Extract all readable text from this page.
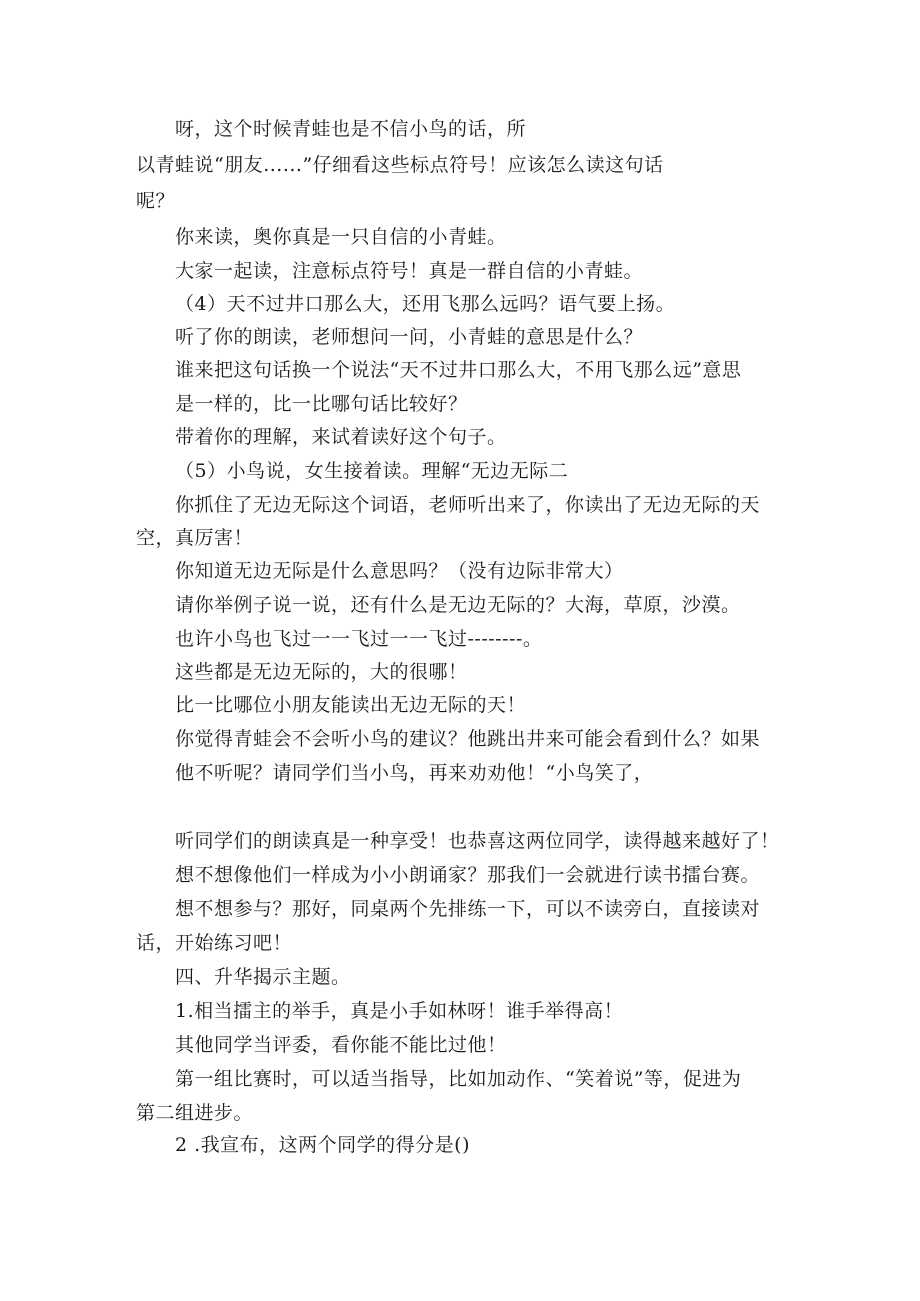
呀，这个时候青蛙也是不信小鸟的话，所
以青蛙说“朋友......”仔细看这些标点符号！应该怎么读这句话
呢？
你来读，奥你真是一只自信的小青蛙。
大家一起读，注意标点符号！真是一群自信的小青蛙。
（4）天不过井口那么大，还用飞那么远吗？语气要上扬。
听了你的朗读，老师想问一问，小青蛙的意思是什么？
谁来把这句话换一个说法“天不过井口那么大，不用飞那么远”意思
是一样的，比一比哪句话比较好？
带着你的理解，来试着读好这个句子。
（5）小鸟说，女生接着读。理解“无边无际二
你抓住了无边无际这个词语，老师听出来了，你读出了无边无际的天
空，真厉害！
你知道无边无际是什么意思吗？（没有边际非常大）
请你举例子说一说，还有什么是无边无际的？大海，草原，沙漠。
也许小鸟也飞过一一飞过一一飞过--------。
这些都是无边无际的，大的很哪！
比一比哪位小朋友能读出无边无际的天！
你觉得青蛙会不会听小鸟的建议？他跳出井来可能会看到什么？如果
他不听呢？请同学们当小鸟，再来劝劝他！“小鸟笑了，
听同学们的朗读真是一种享受！也恭喜这两位同学，读得越来越好了！
想不想像他们一样成为小小朗诵家？那我们一会就进行读书擂台赛。
想不想参与？那好，同桌两个先排练一下，可以不读旁白，直接读对
话，开始练习吧！
四、升华揭示主题。
1.相当擂主的举手，真是小手如林呀！谁手举得高！
其他同学当评委，看你能不能比过他！
第一组比赛时，可以适当指导，比如加动作、“笑着说”等，促进为
第二组进步。
2 .我宣布，这两个同学的得分是()
